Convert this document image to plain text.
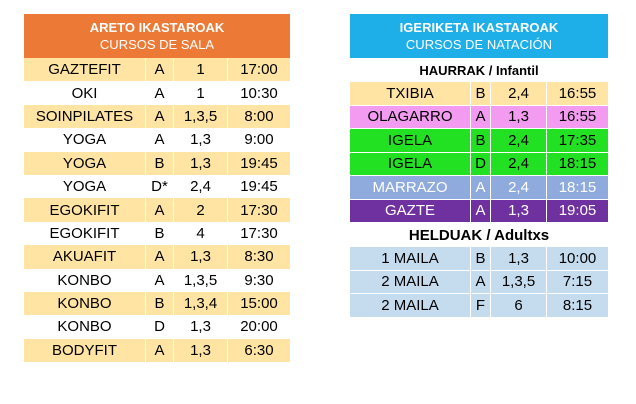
ARETO IKASTAROAK
CURSOS DE SALA
GAZTEFIT	A	1	17:00
OKI	A	1	10:30
SOINPILATES	A	1,3,5	8:00
YOGA	A	1,3	9:00
YOGA	B	1,3	19:45
YOGA	D*	2,4	19:45
EGOKIFIT	A	2	17:30
EGOKIFIT	B	4	17:30
AKUAFIT	A	1,3	8:30
KONBO	A	1,3,5	9:30
KONBO	B	1,3,4	15:00
KONBO	D	1,3	20:00
BODYFIT	A	1,3	6:30
IGERIKETA IKASTAROAK
CURSOS DE NATACIÓN
HAURRAK / Infantil
TXIBIA	B	2,4	16:55
OLAGARRO	A	1,3	16:55
IGELA	B	2,4	17:35
IGELA	D	2,4	18:15
MARRAZO	A	2,4	18:15
GAZTE	A	1,3	19:05
HELDUAK / Adultxs
1 MAILA	B	1,3	10:00
2 MAILA	A	1,3,5	7:15
2 MAILA	F	6	8:15
